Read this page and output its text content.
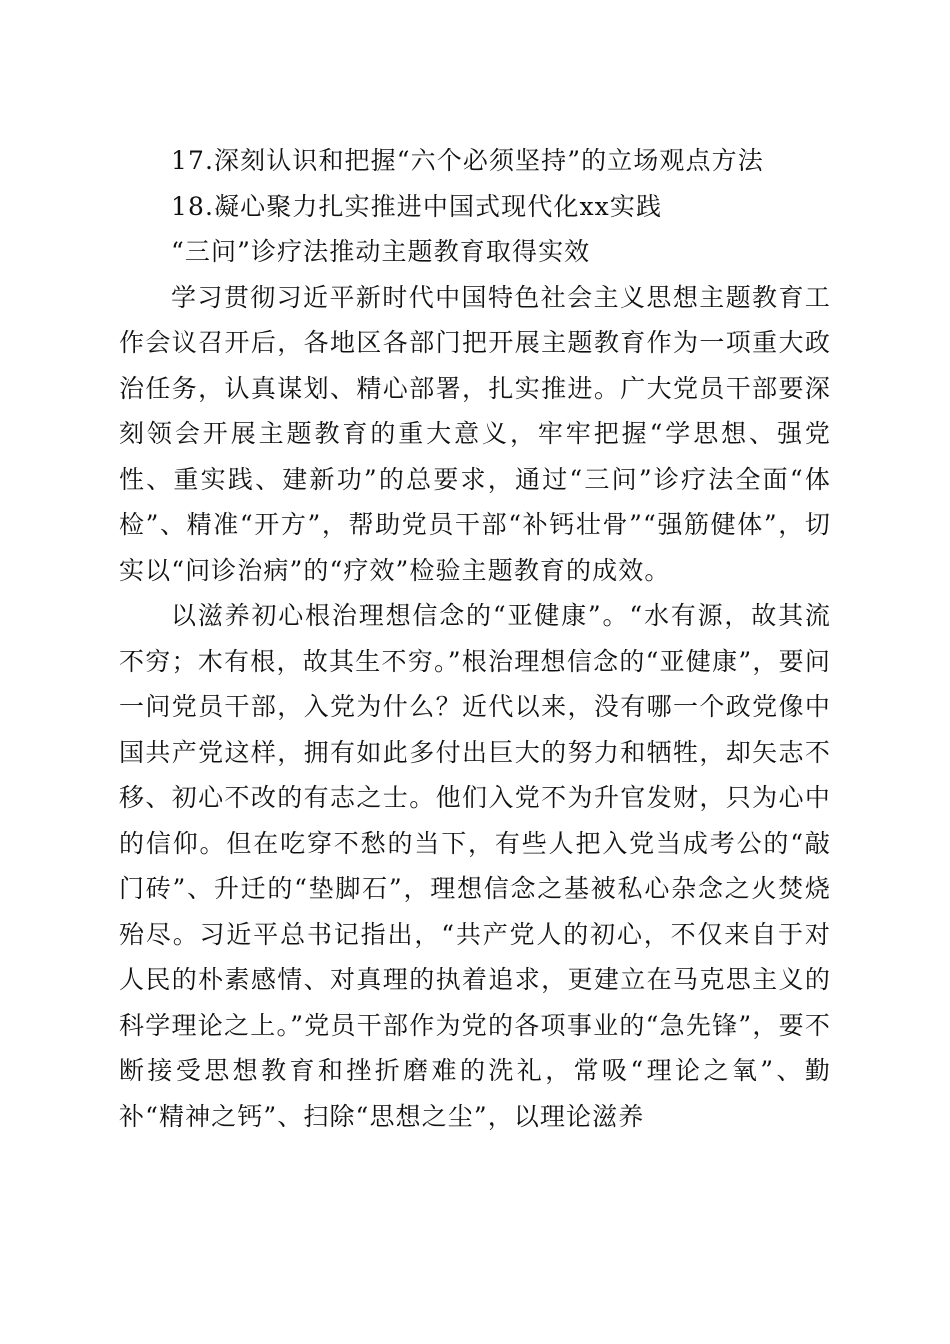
17.深刻认识和把握“六个必须坚持”的立场观点方法
18.凝心聚力扎实推进中国式现代化xx实践
“三问”诊疗法推动主题教育取得实效

学习贯彻习近平新时代中国特色社会主义思想主题教育工作会议召开后，各地区各部门把开展主题教育作为一项重大政治任务，认真谋划、精心部署，扎实推进。广大党员干部要深刻领会开展主题教育的重大意义，牢牢把握“学思想、强党性、重实践、建新功”的总要求，通过“三问”诊疗法全面“体检”、精准“开方”，帮助党员干部“补钙壮骨”“强筋健体”，切实以“问诊治病”的“疗效”检验主题教育的成效。

以滋养初心根治理想信念的“亚健康”。“水有源，故其流不穷；木有根，故其生不穷。”根治理想信念的“亚健康”，要问一问党员干部，入党为什么？近代以来，没有哪一个政党像中国共产党这样，拥有如此多付出巨大的努力和牺牲，却矢志不移、初心不改的有志之士。他们入党不为升官发财，只为心中的信仰。但在吃穿不愁的当下，有些人把入党当成考公的“敲门砖”、升迁的“垫脚石”，理想信念之基被私心杂念之火焚烧殆尽。习近平总书记指出，“共产党人的初心，不仅来自于对人民的朴素感情、对真理的执着追求，更建立在马克思主义的科学理论之上。”党员干部作为党的各项事业的“急先锋”，要不断接受思想教育和挫折磨难的洗礼，常吸“理论之氧”、勤补“精神之钙”、扫除“思想之尘”，以理论滋养
